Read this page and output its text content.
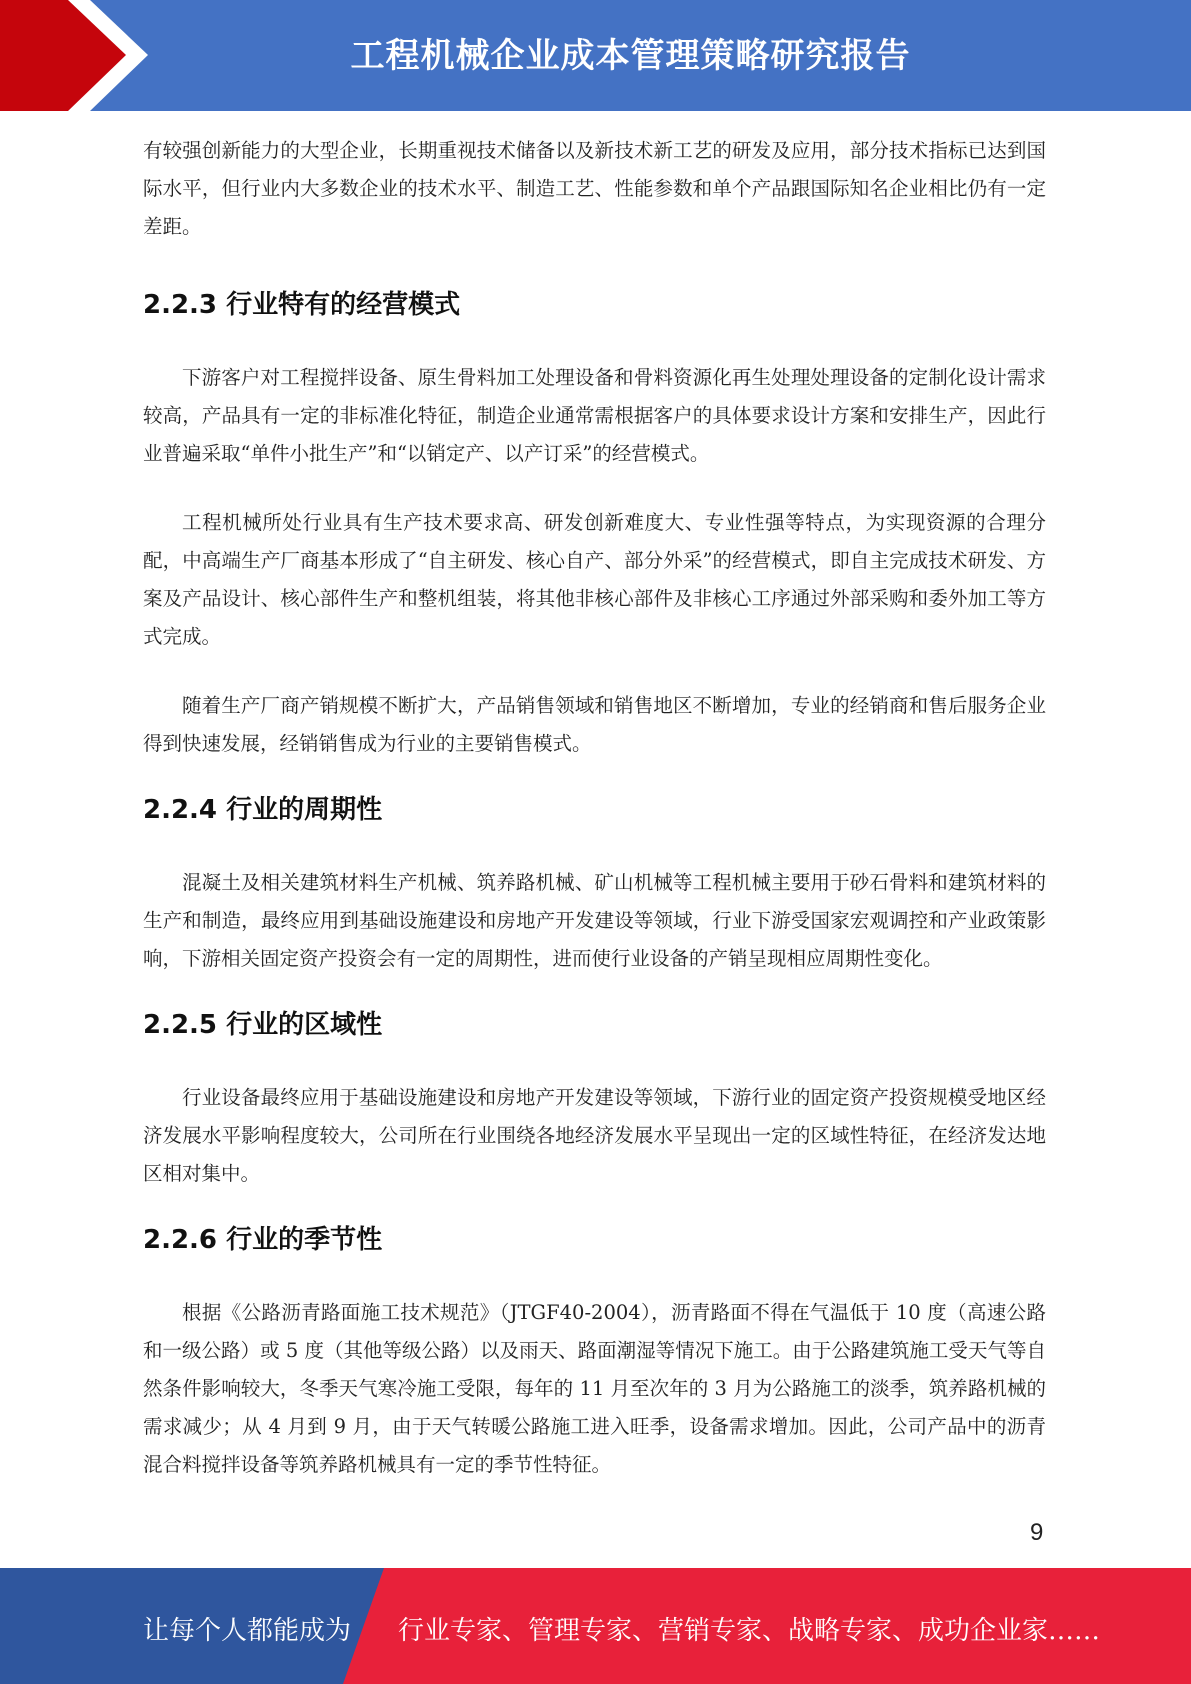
工程机械企业成本管理策略研究报告

有较强创新能力的大型企业，长期重视技术储备以及新技术新工艺的研发及应用，部分技术指标已达到国际水平，但行业内大多数企业的技术水平、制造工艺、性能参数和单个产品跟国际知名企业相比仍有一定差距。

2.2.3 行业特有的经营模式

下游客户对工程搅拌设备、原生骨料加工处理设备和骨料资源化再生处理处理设备的定制化设计需求较高，产品具有一定的非标准化特征，制造企业通常需根据客户的具体要求设计方案和安排生产，因此行业普遍采取“单件小批生产”和“以销定产、以产订采”的经营模式。

工程机械所处行业具有生产技术要求高、研发创新难度大、专业性强等特点，为实现资源的合理分配，中高端生产厂商基本形成了“自主研发、核心自产、部分外采”的经营模式，即自主完成技术研发、方案及产品设计、核心部件生产和整机组装，将其他非核心部件及非核心工序通过外部采购和委外加工等方式完成。

随着生产厂商产销规模不断扩大，产品销售领域和销售地区不断增加，专业的经销商和售后服务企业得到快速发展，经销销售成为行业的主要销售模式。

2.2.4 行业的周期性

混凝土及相关建筑材料生产机械、筑养路机械、矿山机械等工程机械主要用于砂石骨料和建筑材料的生产和制造，最终应用到基础设施建设和房地产开发建设等领域，行业下游受国家宏观调控和产业政策影响，下游相关固定资产投资会有一定的周期性，进而使行业设备的产销呈现相应周期性变化。

2.2.5 行业的区域性

行业设备最终应用于基础设施建设和房地产开发建设等领域，下游行业的固定资产投资规模受地区经济发展水平影响程度较大，公司所在行业围绕各地经济发展水平呈现出一定的区域性特征，在经济发达地区相对集中。

2.2.6 行业的季节性

根据《公路沥青路面施工技术规范》（JTGF40-2004），沥青路面不得在气温低于 10 度（高速公路和一级公路）或 5 度（其他等级公路）以及雨天、路面潮湿等情况下施工。由于公路建筑施工受天气等自然条件影响较大，冬季天气寒冷施工受限，每年的 11 月至次年的 3 月为公路施工的淡季，筑养路机械的需求减少；从 4 月到 9 月，由于天气转暖公路施工进入旺季，设备需求增加。因此，公司产品中的沥青混合料搅拌设备等筑养路机械具有一定的季节性特征。

9
让每个人都能成为 行业专家、管理专家、营销专家、战略专家、成功企业家……
